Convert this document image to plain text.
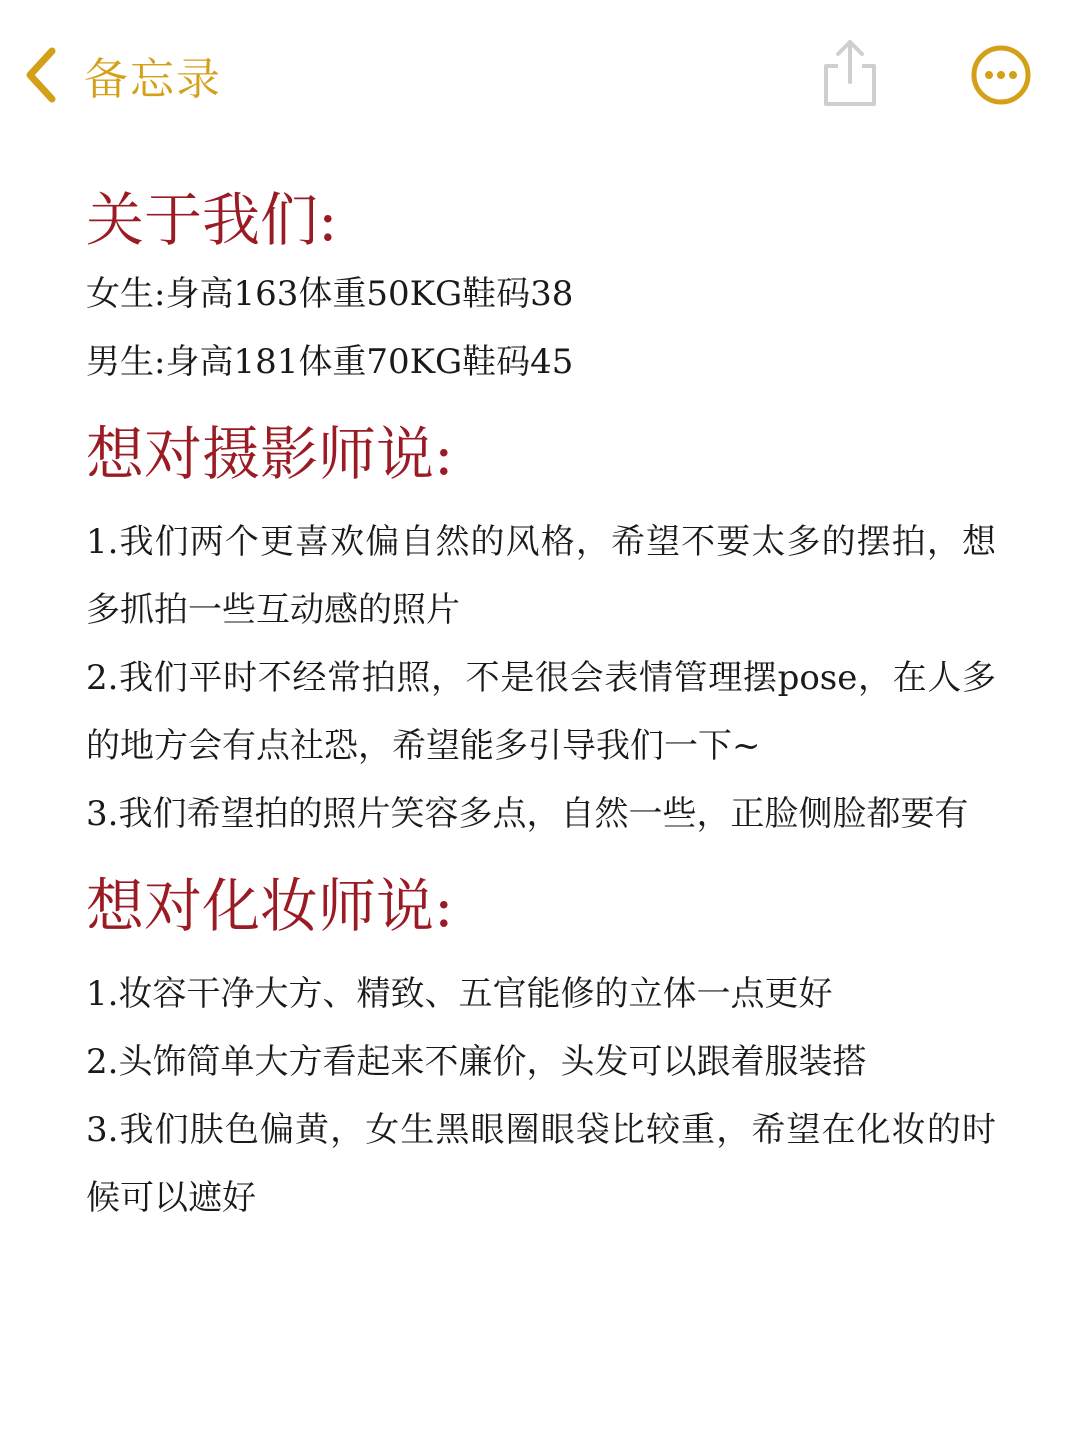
备忘录
关于我们:

女生:身高163体重50KG鞋码38

男生:身高181体重70KG鞋码45

想对摄影师说:

1.我们两个更喜欢偏自然的风格，希望不要太多的摆拍，想多抓拍一些互动感的照片

2.我们平时不经常拍照，不是很会表情管理摆pose，在人多的地方会有点社恐，希望能多引导我们一下~

3.我们希望拍的照片笑容多点，自然一些，正脸侧脸都要有

想对化妆师说:

1.妆容干净大方、精致、五官能修的立体一点更好

2.头饰简单大方看起来不廉价，头发可以跟着服装搭

3.我们肤色偏黄，女生黑眼圈眼袋比较重，希望在化妆的时候可以遮好
